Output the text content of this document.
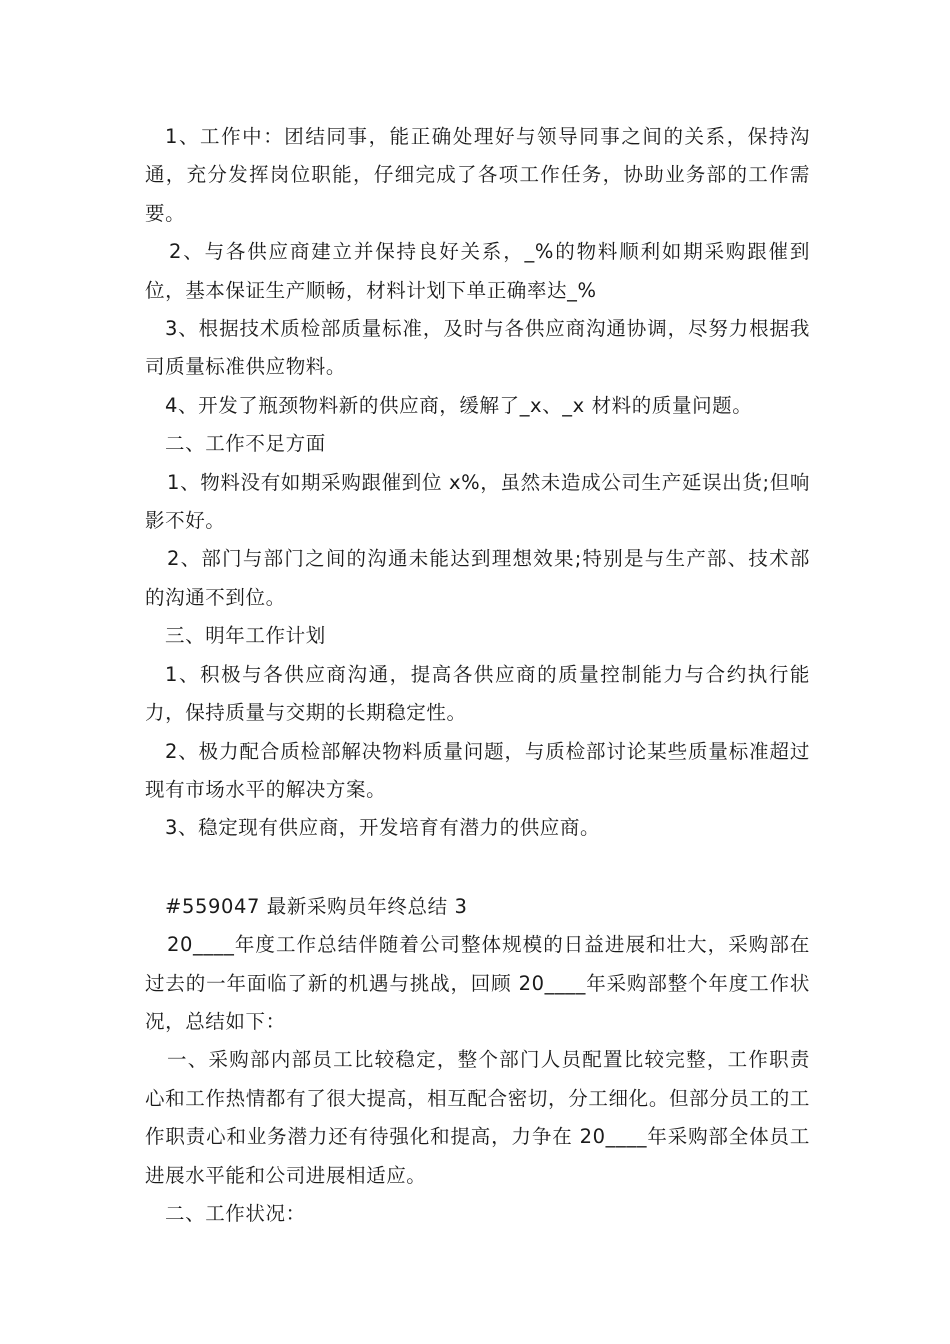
1、工作中：团结同事，能正确处理好与领导同事之间的关系，保持沟通，充分发挥岗位职能，仔细完成了各项工作任务，协助业务部的工作需要。

2、与各供应商建立并保持良好关系，_%的物料顺利如期采购跟催到位，基本保证生产顺畅，材料计划下单正确率达_%

3、根据技术质检部质量标准，及时与各供应商沟通协调，尽努力根据我司质量标准供应物料。

4、开发了瓶颈物料新的供应商，缓解了_x、_x 材料的质量问题。

二、工作不足方面

1、物料没有如期采购跟催到位 x%，虽然未造成公司生产延误出货;但响影不好。

2、部门与部门之间的沟通未能达到理想效果;特别是与生产部、技术部的沟通不到位。

三、明年工作计划

1、积极与各供应商沟通，提高各供应商的质量控制能力与合约执行能力，保持质量与交期的长期稳定性。

2、极力配合质检部解决物料质量问题，与质检部讨论某些质量标准超过现有市场水平的解决方案。

3、稳定现有供应商，开发培育有潜力的供应商。

#559047 最新采购员年终总结 3

20____年度工作总结伴随着公司整体规模的日益进展和壮大，采购部在过去的一年面临了新的机遇与挑战，回顾 20____年采购部整个年度工作状况，总结如下：

一、采购部内部员工比较稳定，整个部门人员配置比较完整，工作职责心和工作热情都有了很大提高，相互配合密切，分工细化。但部分员工的工作职责心和业务潜力还有待强化和提高，力争在 20____年采购部全体员工进展水平能和公司进展相适应。

二、工作状况：
